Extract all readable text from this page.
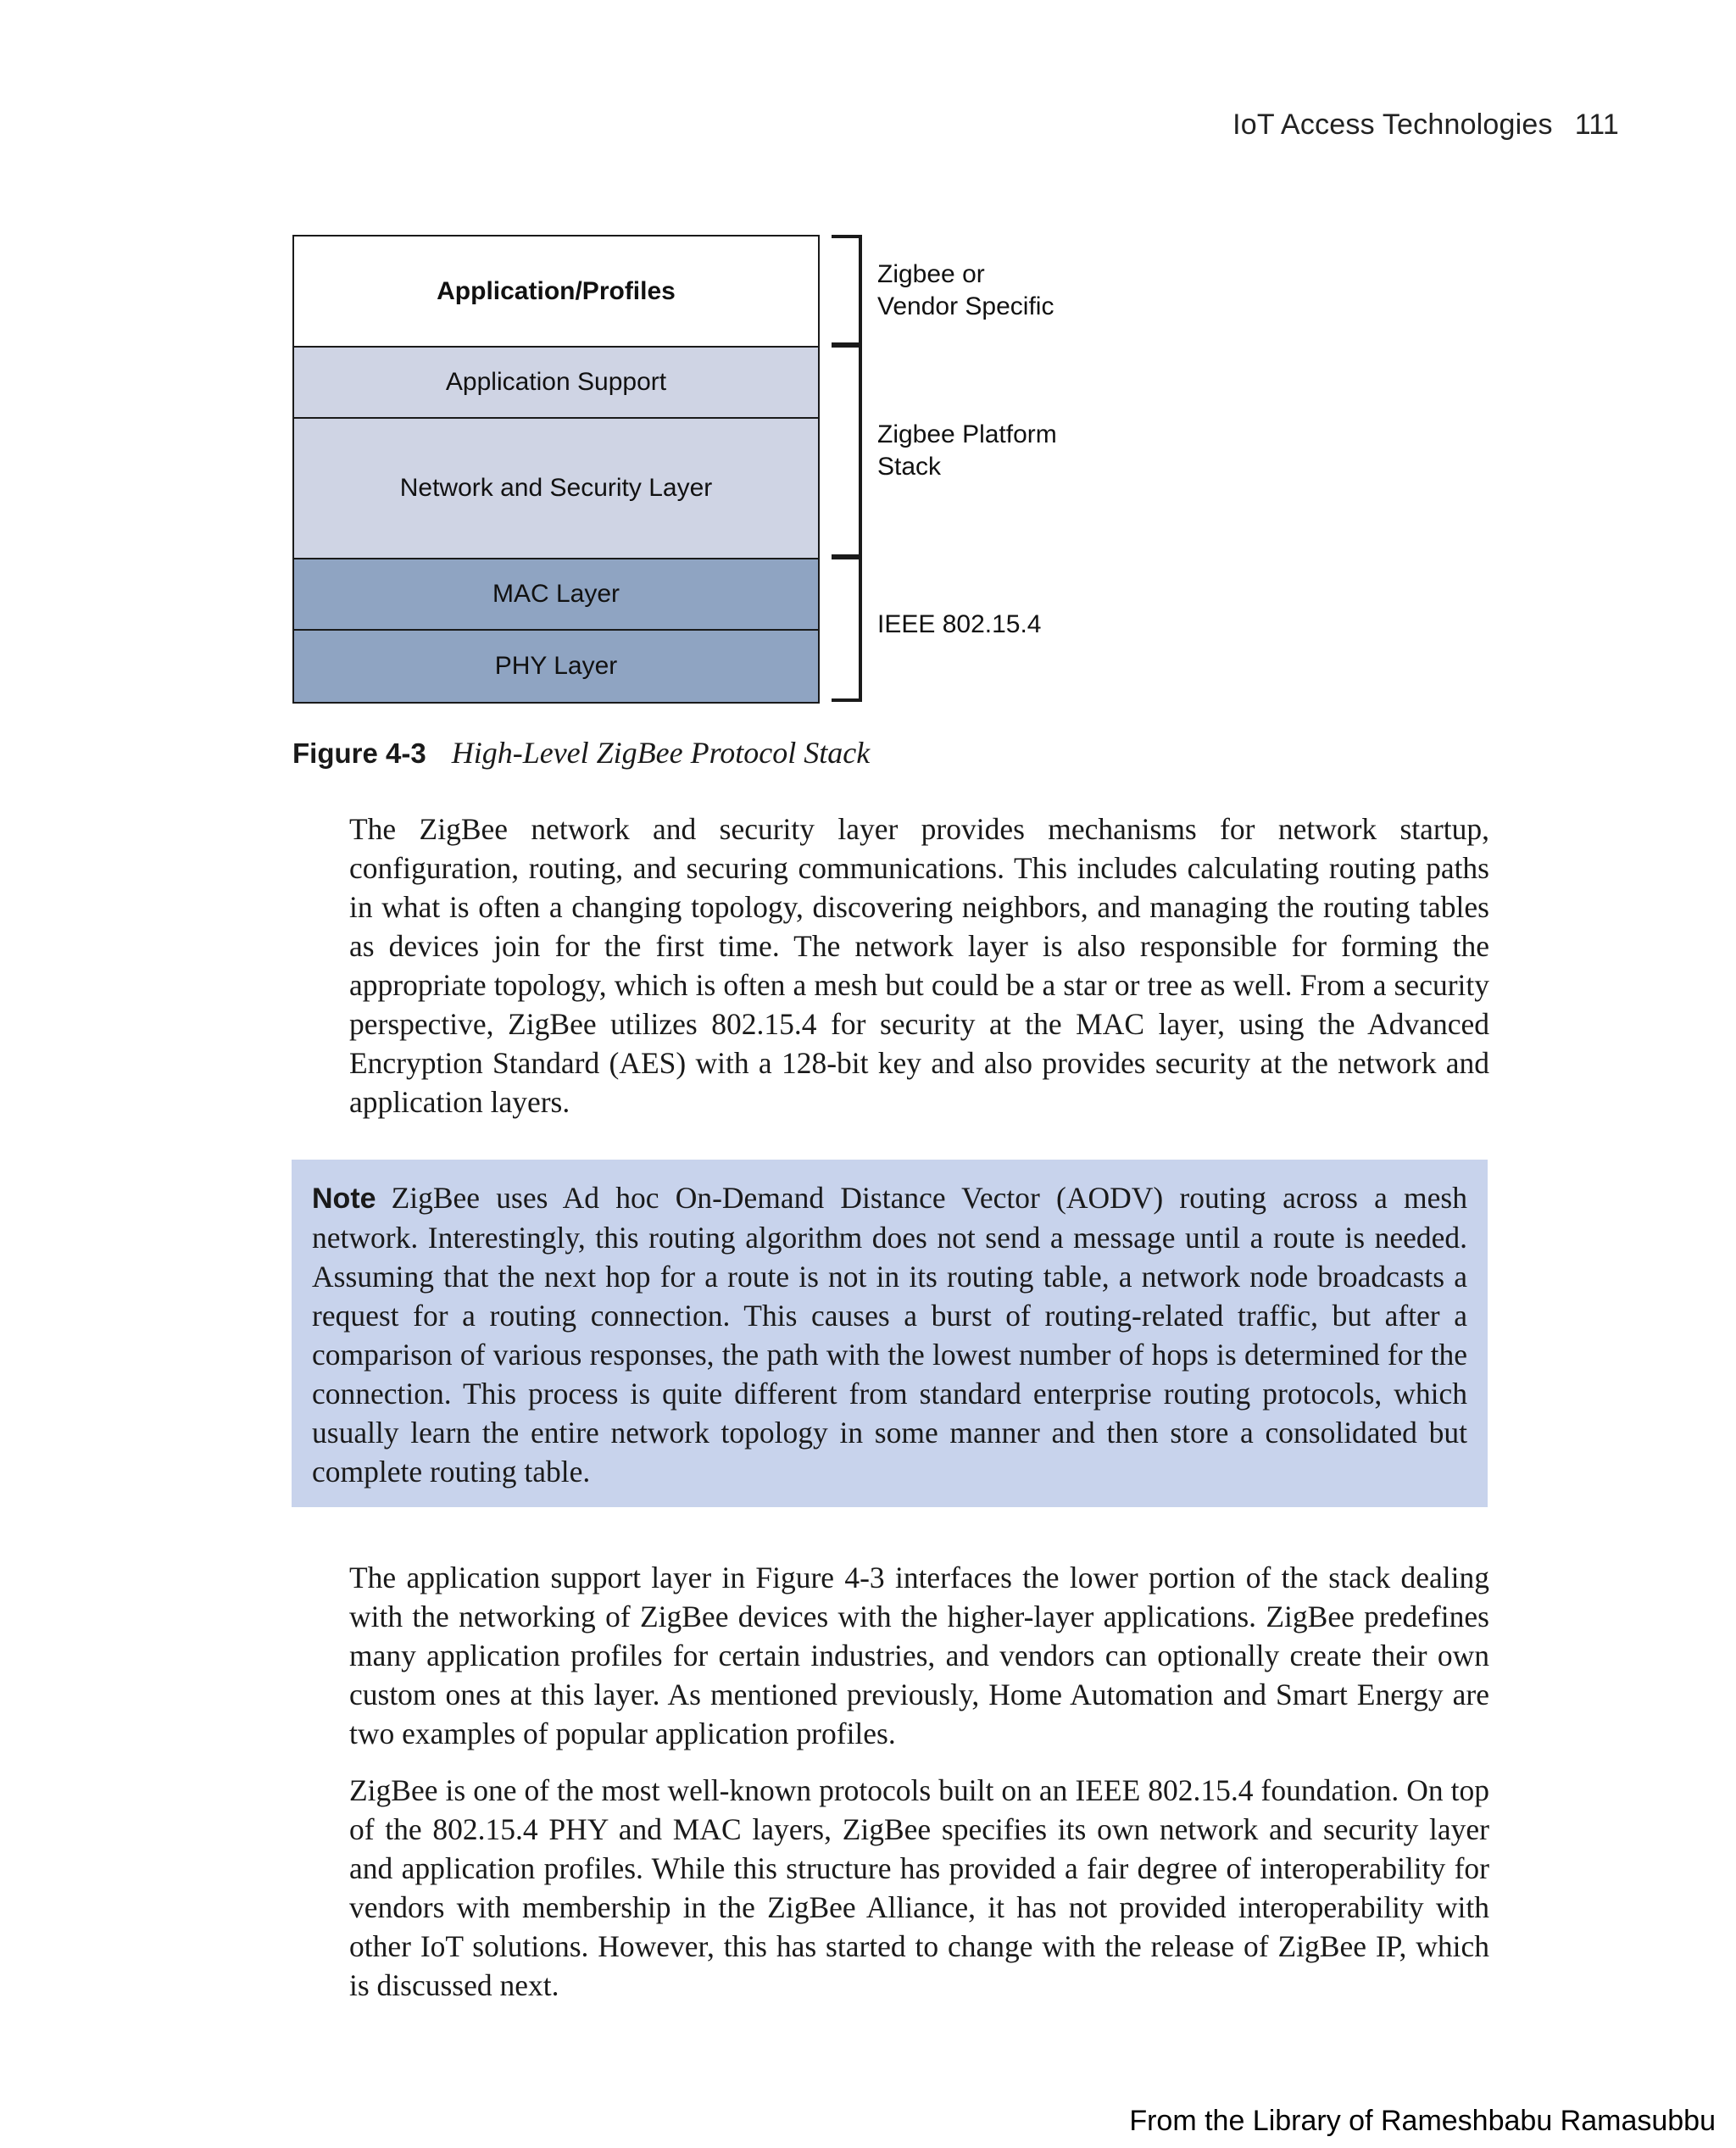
IoT Access Technologies 111
Application/Profiles
Application Support
Network and Security Layer
MAC Layer
PHY Layer
Zigbee or
Vendor Specific
Zigbee Platform
Stack
IEEE 802.15.4
Figure 4-3 High-Level ZigBee Protocol Stack

The ZigBee network and security layer provides mechanisms for network startup, configuration, routing, and securing communications. This includes calculating routing paths in what is often a changing topology, discovering neighbors, and managing the routing tables as devices join for the first time. The network layer is also responsible for forming the appropriate topology, which is often a mesh but could be a star or tree as well. From a security perspective, ZigBee utilizes 802.15.4 for security at the MAC layer, using the Advanced Encryption Standard (AES) with a 128-bit key and also provides security at the network and application layers.

Note ZigBee uses Ad hoc On-Demand Distance Vector (AODV) routing across a mesh network. Interestingly, this routing algorithm does not send a message until a route is needed. Assuming that the next hop for a route is not in its routing table, a network node broadcasts a request for a routing connection. This causes a burst of routing-related traffic, but after a comparison of various responses, the path with the lowest number of hops is determined for the connection. This process is quite different from standard enterprise routing protocols, which usually learn the entire network topology in some manner and then store a consolidated but complete routing table.

The application support layer in Figure 4-3 interfaces the lower portion of the stack dealing with the networking of ZigBee devices with the higher-layer applications. ZigBee predefines many application profiles for certain industries, and vendors can optionally create their own custom ones at this layer. As mentioned previously, Home Automation and Smart Energy are two examples of popular application profiles.

ZigBee is one of the most well-known protocols built on an IEEE 802.15.4 foundation. On top of the 802.15.4 PHY and MAC layers, ZigBee specifies its own network and security layer and application profiles. While this structure has provided a fair degree of interoperability for vendors with membership in the ZigBee Alliance, it has not provided interoperability with other IoT solutions. However, this has started to change with the release of ZigBee IP, which is discussed next.

From the Library of Rameshbabu Ramasubbu
